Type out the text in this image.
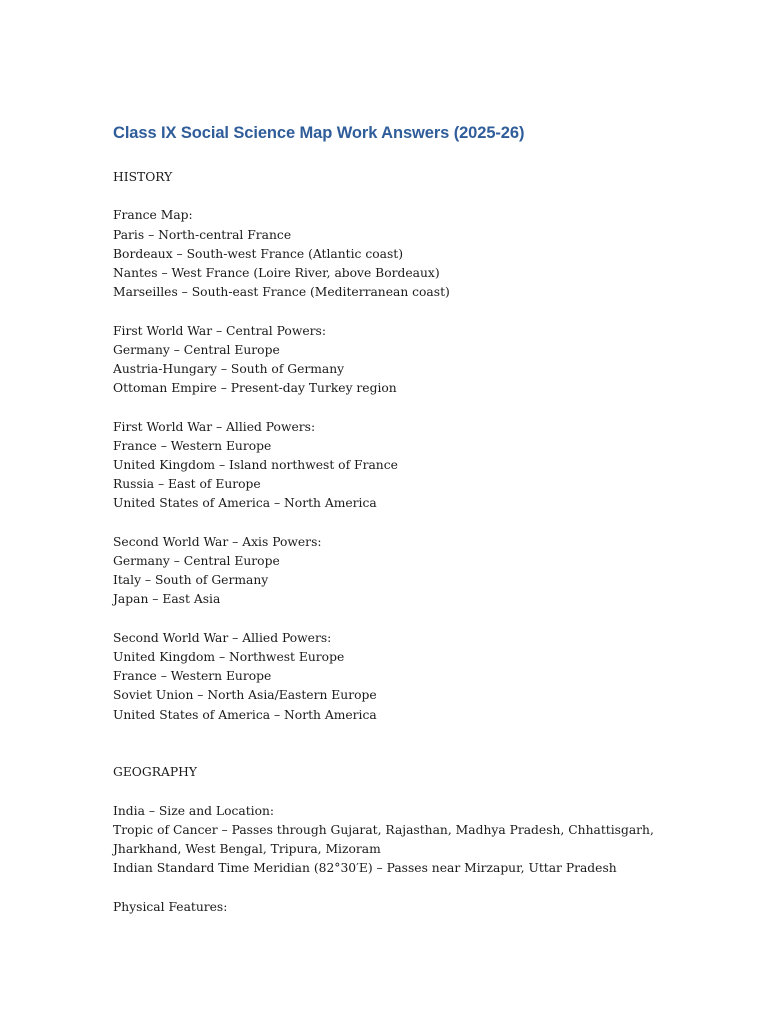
Class IX Social Science Map Work Answers (2025-26)
HISTORY
France Map:
Paris – North-central France
Bordeaux – South-west France (Atlantic coast)
Nantes – West France (Loire River, above Bordeaux)
Marseilles – South-east France (Mediterranean coast)
First World War – Central Powers:
Germany – Central Europe
Austria-Hungary – South of Germany
Ottoman Empire – Present-day Turkey region
First World War – Allied Powers:
France – Western Europe
United Kingdom – Island northwest of France
Russia – East of Europe
United States of America – North America
Second World War – Axis Powers:
Germany – Central Europe
Italy – South of Germany
Japan – East Asia
Second World War – Allied Powers:
United Kingdom – Northwest Europe
France – Western Europe
Soviet Union – North Asia/Eastern Europe
United States of America – North America
GEOGRAPHY
India – Size and Location:
Tropic of Cancer – Passes through Gujarat, Rajasthan, Madhya Pradesh, Chhattisgarh,
Jharkhand, West Bengal, Tripura, Mizoram
Indian Standard Time Meridian (82°30′E) – Passes near Mirzapur, Uttar Pradesh
Physical Features:
